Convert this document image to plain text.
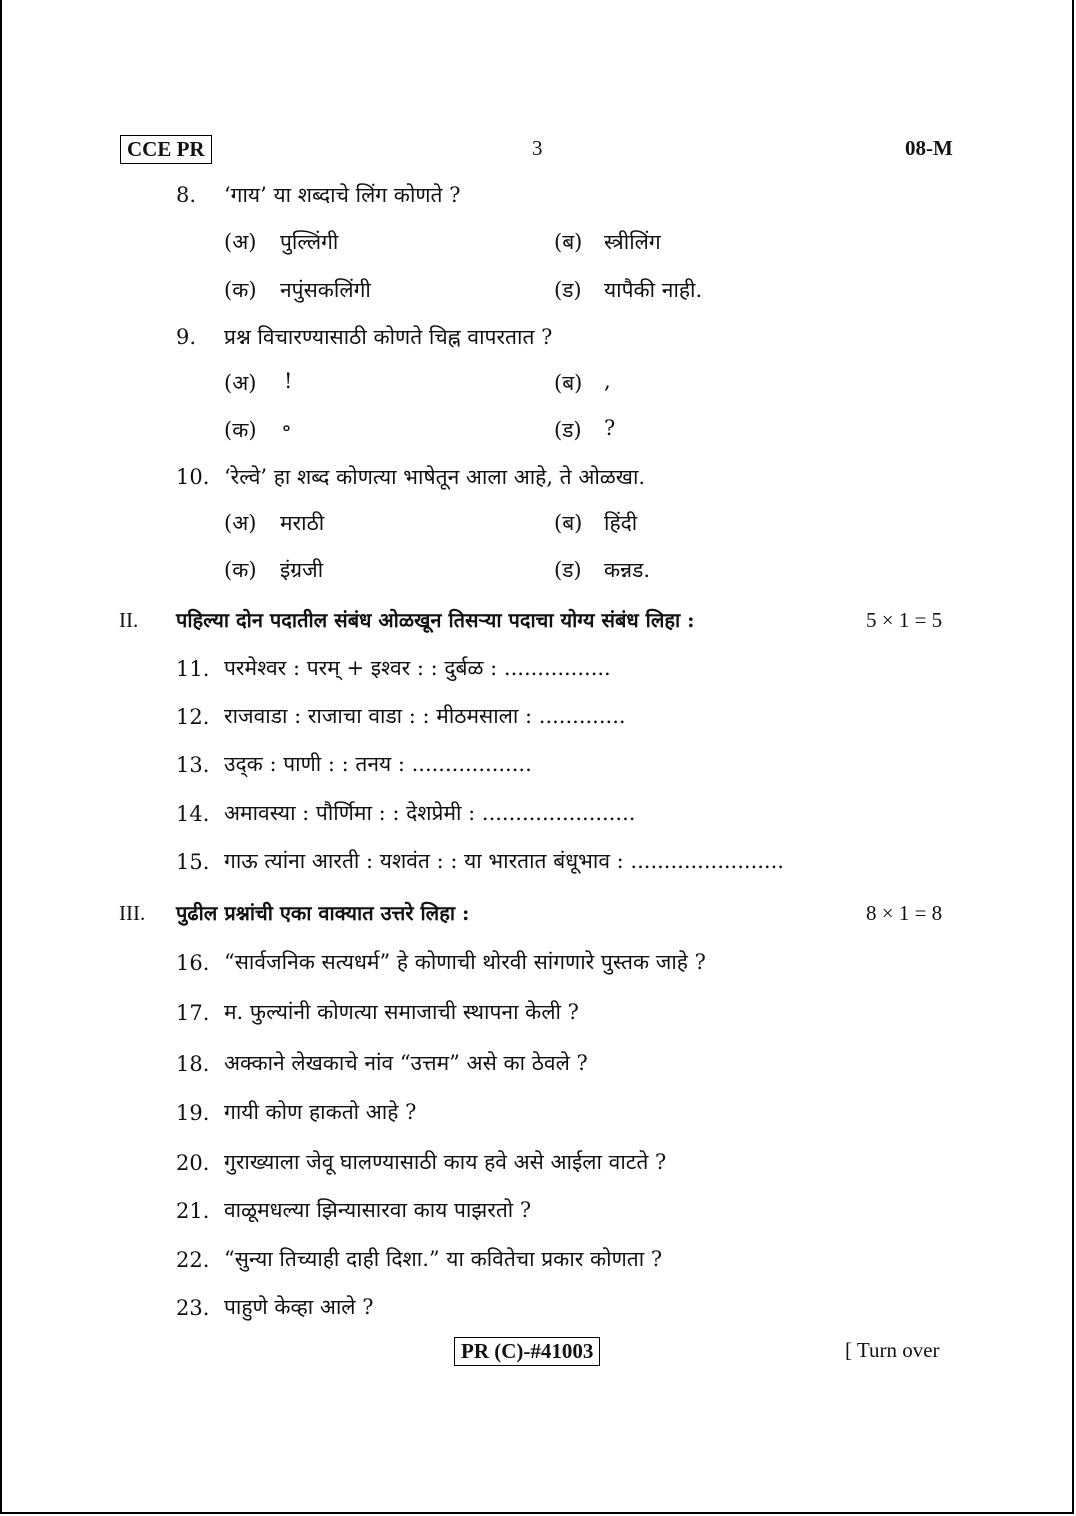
CCE PR	3	08-M
8. ‘गाय’ या शब्दाचे लिंग कोणते ?
(अ) पुल्लिंगी	(ब) स्त्रीलिंग
(क) नपुंसकलिंगी	(ड) यापैकी नाही.
9. प्रश्न विचारण्यासाठी कोणते चिह्न वापरतात ?
(अ) !	(ब) ,
(क) ॰	(ड) ?
10. ‘रेल्वे’ हा शब्द कोणत्या भाषेतून आला आहे, ते ओळखा.
(अ) मराठी	(ब) हिंदी
(क) इंग्रजी	(ड) कन्नड.
II. पहिल्या दोन पदातील संबंध ओळखून तिसऱ्या पदाचा योग्य संबंध लिहा :	5 × 1 = 5
11. परमेश्वर : परम् + इश्वर : : दुर्बळ : ................
12. राजवाडा : राजाचा वाडा : : मीठमसाला : .............
13. उद्क : पाणी : : तनय : ..................
14. अमावस्या : पौर्णिमा : : देशप्रेमी : .......................
15. गाऊ त्यांना आरती : यशवंत : : या भारतात बंधूभाव : .......................
III. पुढील प्रश्नांची एका वाक्यात उत्तरे लिहा :	8 × 1 = 8
16. “सार्वजनिक सत्यधर्म” हे कोणाची थोरवी सांगणारे पुस्तक जाहे ?
17. म. फुल्यांनी कोणत्या समाजाची स्थापना केली ?
18. अक्काने लेखकाचे नांव “उत्तम” असे का ठेवले ?
19. गायी कोण हाकतो आहे ?
20. गुराख्याला जेवू घालण्यासाठी काय हवे असे आईला वाटते ?
21. वाळूमधल्या झिन्यासारवा काय पाझरतो ?
22. “सुन्या तिच्याही दाही दिशा.” या कवितेचा प्रकार कोणता ?
23. पाहुणे केव्हा आले ?
PR (C)-#41003	[ Turn over
